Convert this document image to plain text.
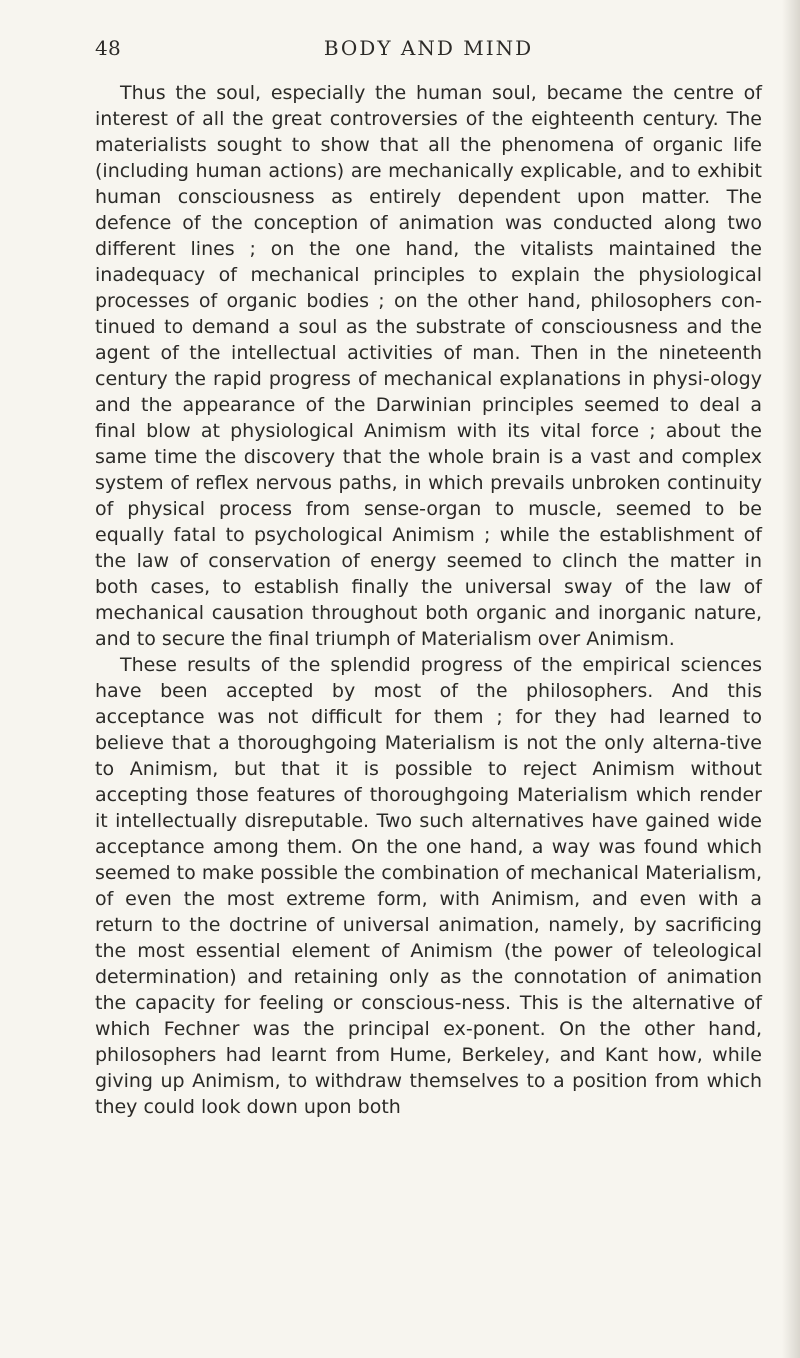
48	BODY AND MIND

Thus the soul, especially the human soul, became the centre of interest of all the great controversies of the eighteenth century. The materialists sought to show that all the phenomena of organic life (including human actions) are mechanically explicable, and to exhibit human consciousness as entirely dependent upon matter. The defence of the conception of animation was conducted along two different lines ; on the one hand, the vitalists maintained the inadequacy of mechanical principles to explain the physiological processes of organic bodies ; on the other hand, philosophers con-tinued to demand a soul as the substrate of consciousness and the agent of the intellectual activities of man. Then in the nineteenth century the rapid progress of mechanical explanations in physi-ology and the appearance of the Darwinian principles seemed to deal a final blow at physiological Animism with its vital force ; about the same time the discovery that the whole brain is a vast and complex system of reflex nervous paths, in which prevails unbroken continuity of physical process from sense-organ to muscle, seemed to be equally fatal to psychological Animism ; while the establishment of the law of conservation of energy seemed to clinch the matter in both cases, to establish finally the universal sway of the law of mechanical causation throughout both organic and inorganic nature, and to secure the final triumph of Materialism over Animism.

These results of the splendid progress of the empirical sciences have been accepted by most of the philosophers. And this acceptance was not difficult for them ; for they had learned to believe that a thoroughgoing Materialism is not the only alterna-tive to Animism, but that it is possible to reject Animism without accepting those features of thoroughgoing Materialism which render it intellectually disreputable. Two such alternatives have gained wide acceptance among them. On the one hand, a way was found which seemed to make possible the combination of mechanical Materialism, of even the most extreme form, with Animism, and even with a return to the doctrine of universal animation, namely, by sacrificing the most essential element of Animism (the power of teleological determination) and retaining only as the connotation of animation the capacity for feeling or conscious-ness. This is the alternative of which Fechner was the principal ex-ponent. On the other hand, philosophers had learnt from Hume, Berkeley, and Kant how, while giving up Animism, to withdraw themselves to a position from which they could look down upon both
